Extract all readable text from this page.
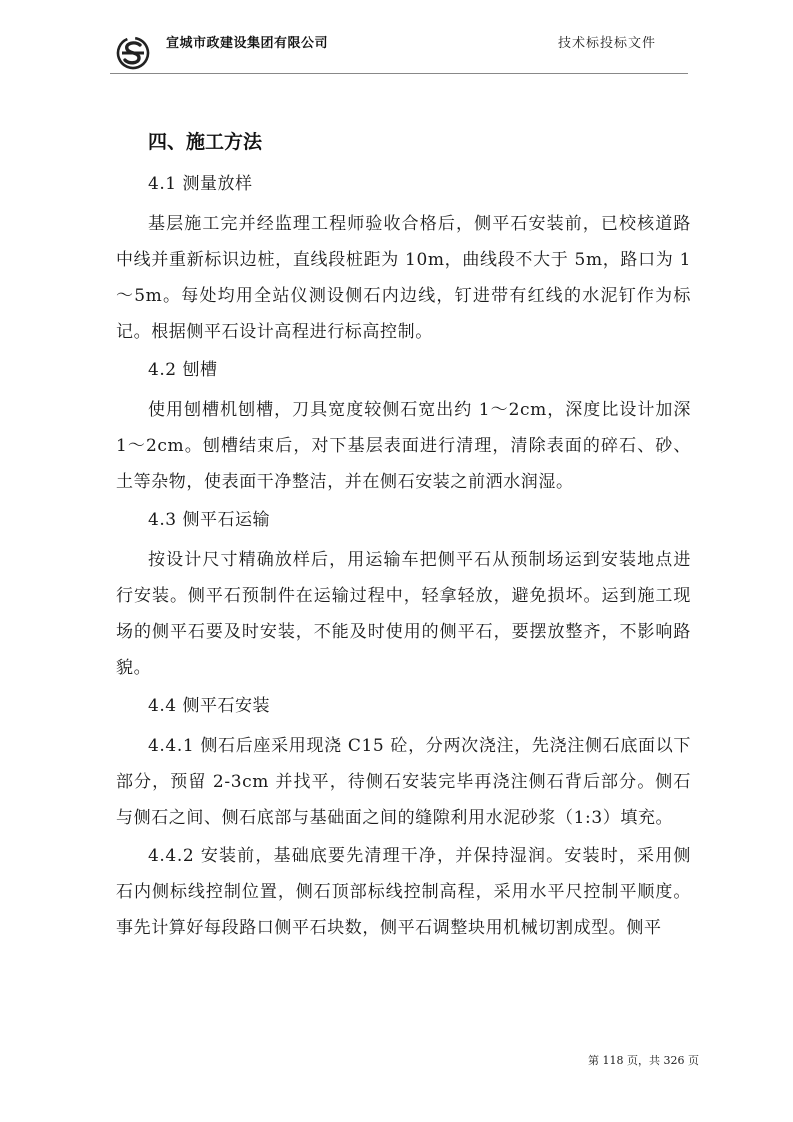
宣城市政建设集团有限公司	技术标投标文件
四、施工方法
4.1 测量放样

基层施工完并经监理工程师验收合格后，侧平石安装前，已校核道路中线并重新标识边桩，直线段桩距为 10m，曲线段不大于 5m，路口为 1～5m。每处均用全站仪测设侧石内边线，钉进带有红线的水泥钉作为标记。根据侧平石设计高程进行标高控制。

4.2 刨槽

使用刨槽机刨槽，刀具宽度较侧石宽出约 1～2cm，深度比设计加深 1～2cm。刨槽结束后，对下基层表面进行清理，清除表面的碎石、砂、土等杂物，使表面干净整洁，并在侧石安装之前洒水润湿。

4.3 侧平石运输

按设计尺寸精确放样后，用运输车把侧平石从预制场运到安装地点进行安装。侧平石预制件在运输过程中，轻拿轻放，避免损坏。运到施工现场的侧平石要及时安装，不能及时使用的侧平石，要摆放整齐，不影响路貌。

4.4 侧平石安装

4.4.1 侧石后座采用现浇 C15 砼，分两次浇注，先浇注侧石底面以下部分，预留 2-3cm 并找平，待侧石安装完毕再浇注侧石背后部分。侧石与侧石之间、侧石底部与基础面之间的缝隙利用水泥砂浆（1:3）填充。

4.4.2 安装前，基础底要先清理干净，并保持湿润。安装时，采用侧石内侧标线控制位置，侧石顶部标线控制高程，采用水平尺控制平顺度。事先计算好每段路口侧平石块数，侧平石调整块用机械切割成型。侧平

第 118 页，共 326 页
